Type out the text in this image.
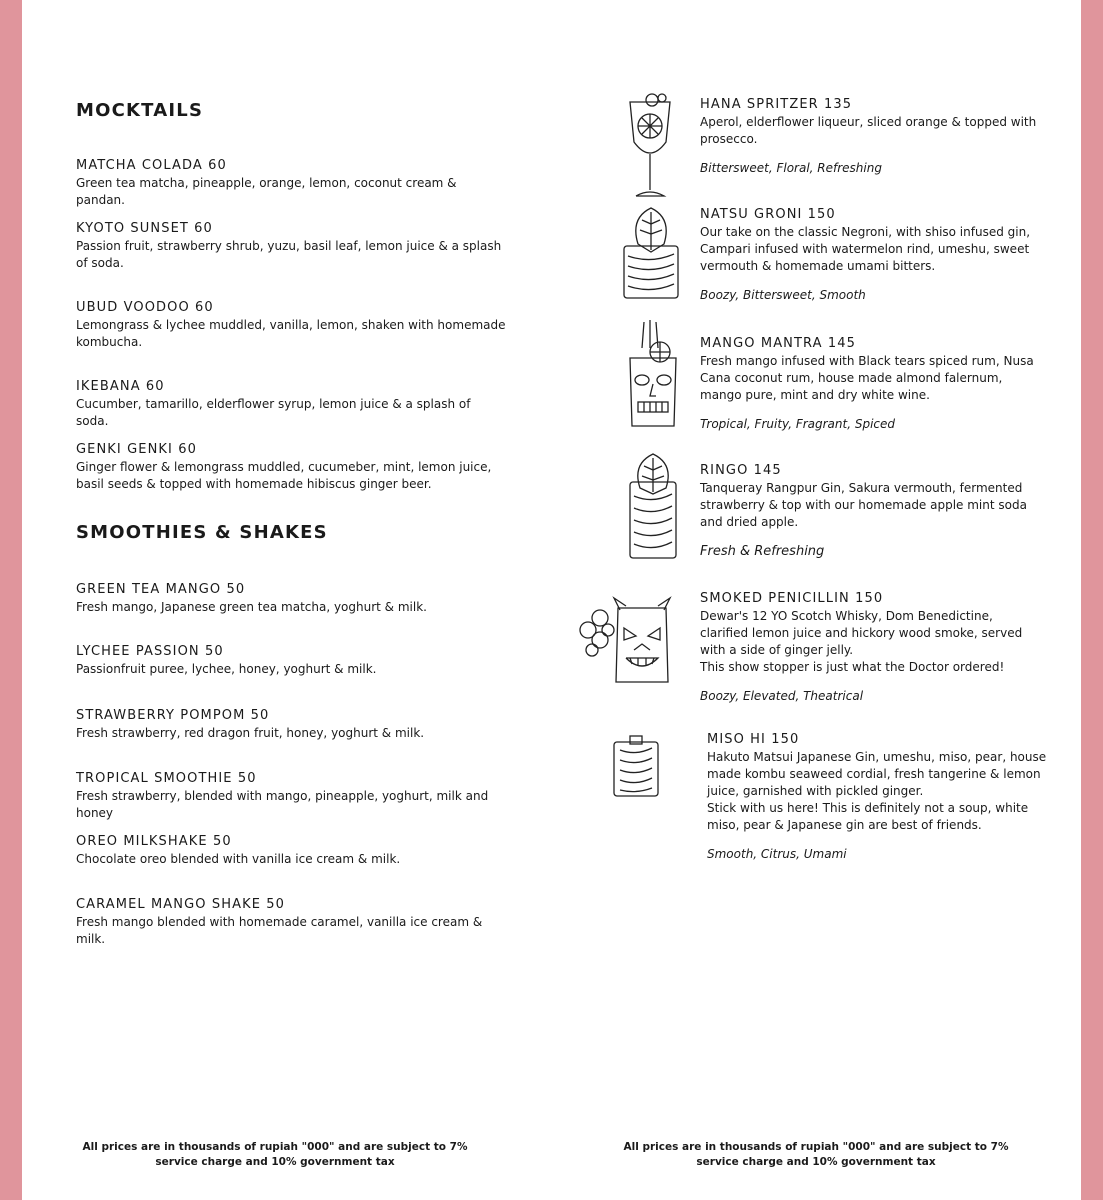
MOCKTAILS

MATCHA COLADA 60

Green tea matcha, pineapple, orange, lemon, coconut cream & pandan.

KYOTO SUNSET 60

Passion fruit, strawberry shrub, yuzu, basil leaf, lemon juice & a splash of soda.

UBUD VOODOO 60

Lemongrass & lychee muddled, vanilla, lemon, shaken with homemade kombucha.

IKEBANA 60

Cucumber, tamarillo, elderflower syrup, lemon juice & a splash of soda.

GENKI GENKI 60

Ginger flower & lemongrass muddled, cucumeber, mint, lemon juice, basil seeds & topped with homemade hibiscus ginger beer.

SMOOTHIES & SHAKES

GREEN TEA MANGO 50

Fresh mango, Japanese green tea matcha, yoghurt & milk.

LYCHEE PASSION 50

Passionfruit puree, lychee, honey, yoghurt & milk.

STRAWBERRY POMPOM 50

Fresh strawberry, red dragon fruit, honey, yoghurt & milk.

TROPICAL SMOOTHIE 50

Fresh strawberry, blended with mango, pineapple, yoghurt, milk and honey

OREO MILKSHAKE 50

Chocolate oreo blended with vanilla ice cream & milk.

CARAMEL MANGO SHAKE 50

Fresh mango blended with homemade caramel, vanilla ice cream & milk.

HANA SPRITZER 135

Aperol, elderflower liqueur, sliced orange & topped with prosecco.

Bittersweet, Floral, Refreshing

NATSU GRONI 150

Our take on the classic Negroni, with shiso infused gin, Campari infused with watermelon rind, umeshu, sweet vermouth & homemade umami bitters.

Boozy, Bittersweet, Smooth

MANGO MANTRA 145

Fresh mango infused with Black tears spiced rum, Nusa Cana coconut rum, house made almond falernum, mango pure, mint and dry white wine.

Tropical, Fruity, Fragrant, Spiced

RINGO 145

Tanqueray Rangpur Gin, Sakura vermouth, fermented strawberry & top with our homemade apple mint soda and dried apple.

Fresh & Refreshing

SMOKED PENICILLIN 150

Dewar's 12 YO Scotch Whisky, Dom Benedictine, clarified lemon juice and hickory wood smoke, served with a side of ginger jelly.

This show stopper is just what the Doctor ordered!

Boozy, Elevated, Theatrical

MISO HI 150

Hakuto Matsui Japanese Gin, umeshu, miso, pear, house made kombu seaweed cordial, fresh tangerine & lemon juice, garnished with pickled ginger.

Stick with us here! This is definitely not a soup, white miso, pear & Japanese gin are best of friends.

Smooth, Citrus, Umami

All prices are in thousands of rupiah "000" and are subject to 7% service charge and 10% government tax
All prices are in thousands of rupiah "000" and are subject to 7% service charge and 10% government tax
